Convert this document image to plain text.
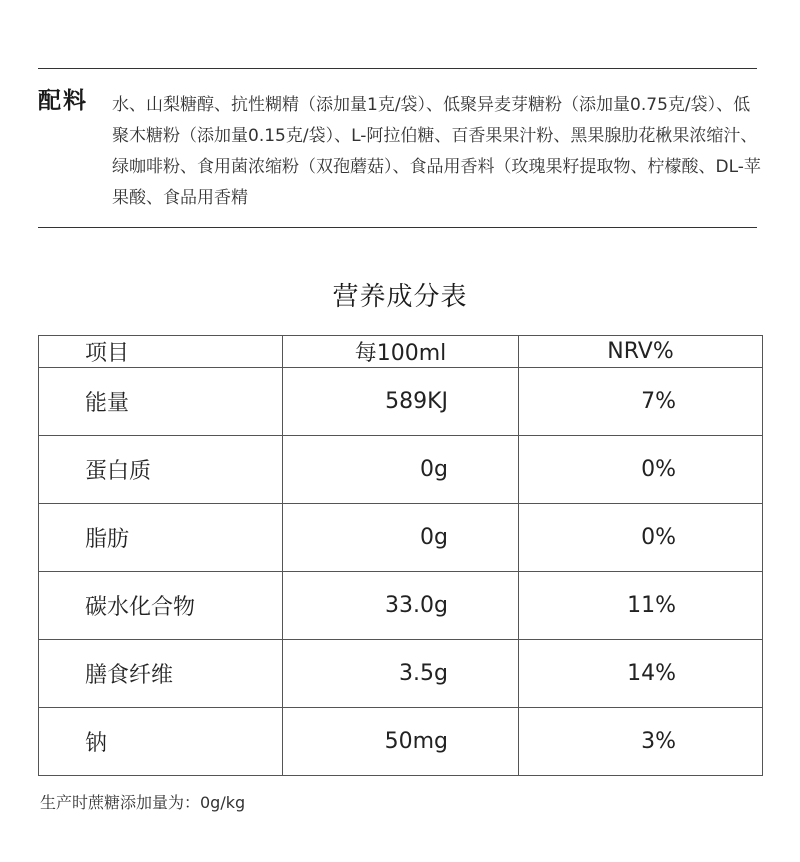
配料 水、山梨糖醇、抗性糊精（添加量1克/袋）、低聚异麦芽糖粉（添加量0.75克/袋）、低聚木糖粉（添加量0.15克/袋）、L-阿拉伯糖、百香果果汁粉、黑果腺肋花楸果浓缩汁、绿咖啡粉、食用菌浓缩粉（双孢蘑菇）、食品用香料（玫瑰果籽提取物、柠檬酸、DL-苹果酸、食品用香精
营养成分表
项目	每100ml	NRV%
能量	589KJ	7%
蛋白质	0g	0%
脂肪	0g	0%
碳水化合物	33.0g	11%
膳食纤维	3.5g	14%
钠	50mg	3%
生产时蔗糖添加量为：0g/kg
